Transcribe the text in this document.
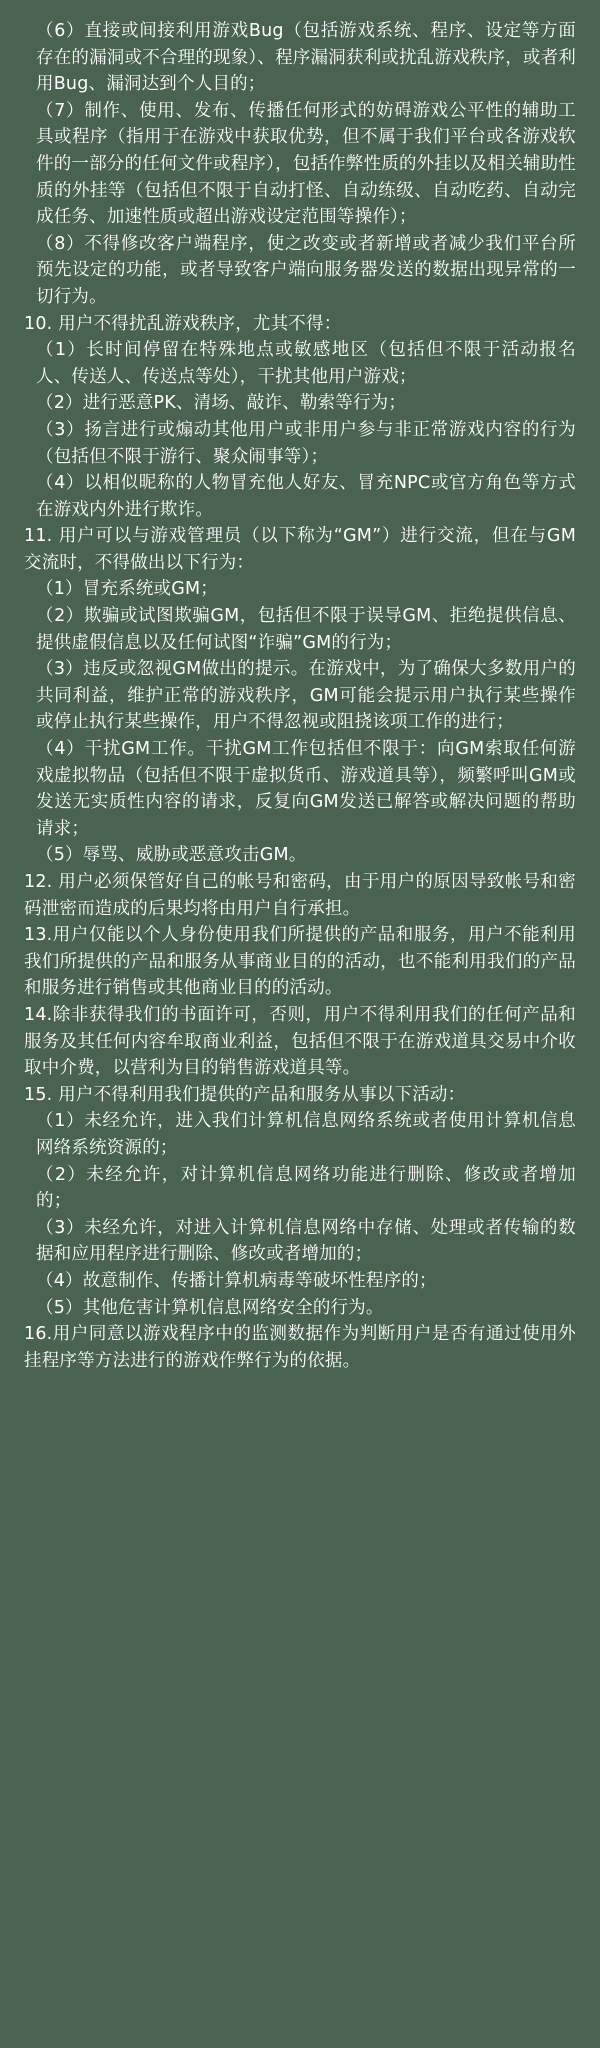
（6）直接或间接利用游戏Bug（包括游戏系统、程序、设定等方面存在的漏洞或不合理的现象）、程序漏洞获利或扰乱游戏秩序，或者利用Bug、漏洞达到个人目的；

（7）制作、使用、发布、传播任何形式的妨碍游戏公平性的辅助工具或程序（指用于在游戏中获取优势，但不属于我们平台或各游戏软件的一部分的任何文件或程序），包括作弊性质的外挂以及相关辅助性质的外挂等（包括但不限于自动打怪、自动练级、自动吃药、自动完成任务、加速性质或超出游戏设定范围等操作）；

（8）不得修改客户端程序，使之改变或者新增或者减少我们平台所预先设定的功能，或者导致客户端向服务器发送的数据出现异常的一切行为。

10. 用户不得扰乱游戏秩序，尤其不得：

（1）长时间停留在特殊地点或敏感地区（包括但不限于活动报名人、传送人、传送点等处），干扰其他用户游戏；

（2）进行恶意PK、清场、敲诈、勒索等行为；

（3）扬言进行或煽动其他用户或非用户参与非正常游戏内容的行为（包括但不限于游行、聚众闹事等）；

（4）以相似昵称的人物冒充他人好友、冒充NPC或官方角色等方式在游戏内外进行欺诈。

11. 用户可以与游戏管理员（以下称为“GM”）进行交流，但在与GM交流时，不得做出以下行为：

（1）冒充系统或GM；

（2）欺骗或试图欺骗GM，包括但不限于误导GM、拒绝提供信息、提供虚假信息以及任何试图“诈骗”GM的行为；

（3）违反或忽视GM做出的提示。在游戏中，为了确保大多数用户的共同利益，维护正常的游戏秩序，GM可能会提示用户执行某些操作或停止执行某些操作，用户不得忽视或阻挠该项工作的进行；

（4）干扰GM工作。干扰GM工作包括但不限于：向GM索取任何游戏虚拟物品（包括但不限于虚拟货币、游戏道具等），频繁呼叫GM或发送无实质性内容的请求，反复向GM发送已解答或解决问题的帮助请求；

（5）辱骂、威胁或恶意攻击GM。

12. 用户必须保管好自己的帐号和密码，由于用户的原因导致帐号和密码泄密而造成的后果均将由用户自行承担。

13.用户仅能以个人身份使用我们所提供的产品和服务，用户不能利用我们所提供的产品和服务从事商业目的的活动，也不能利用我们的产品和服务进行销售或其他商业目的的活动。

14.除非获得我们的书面许可，否则，用户不得利用我们的任何产品和服务及其任何内容牟取商业利益，包括但不限于在游戏道具交易中介收取中介费，以营利为目的销售游戏道具等。

15. 用户不得利用我们提供的产品和服务从事以下活动：

（1）未经允许，进入我们计算机信息网络系统或者使用计算机信息网络系统资源的；

（2）未经允许，对计算机信息网络功能进行删除、修改或者增加的；

（3）未经允许，对进入计算机信息网络中存储、处理或者传输的数据和应用程序进行删除、修改或者增加的；

（4）故意制作、传播计算机病毒等破坏性程序的；

（5）其他危害计算机信息网络安全的行为。

16.用户同意以游戏程序中的监测数据作为判断用户是否有通过使用外挂程序等方法进行的游戏作弊行为的依据。
